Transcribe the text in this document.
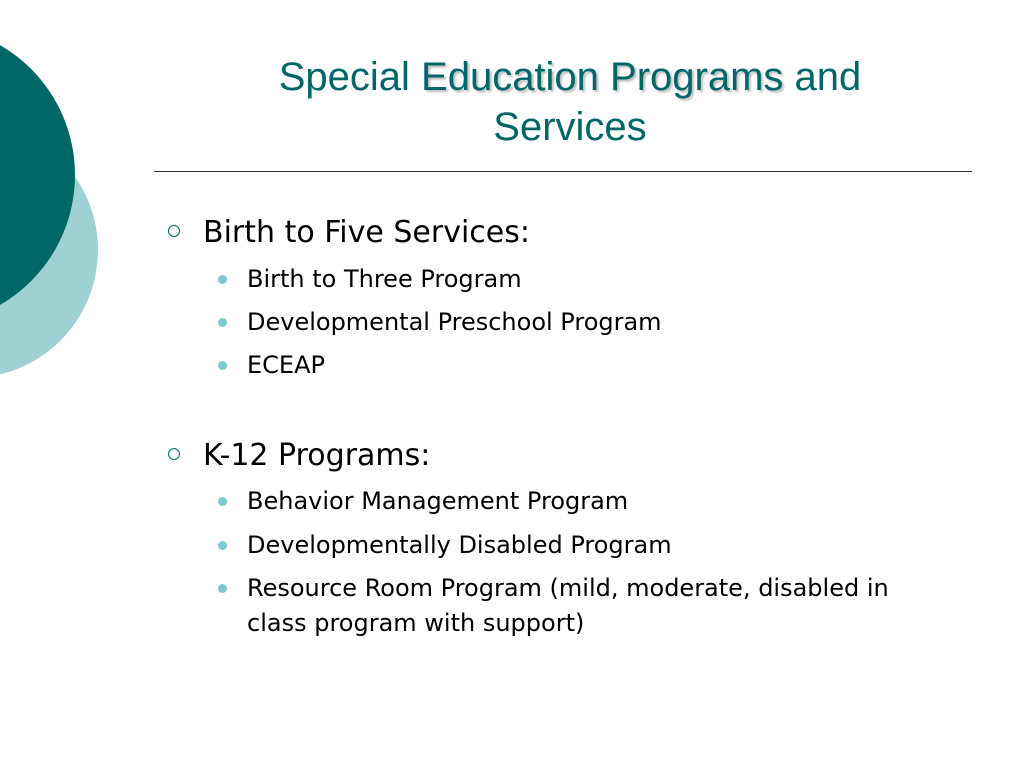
Special Education Programs and
Services
Birth to Five Services:
Birth to Three Program
Developmental Preschool Program
ECEAP
K-12 Programs:
Behavior Management Program
Developmentally Disabled Program
Resource Room Program (mild, moderate, disabled in class program with support)
